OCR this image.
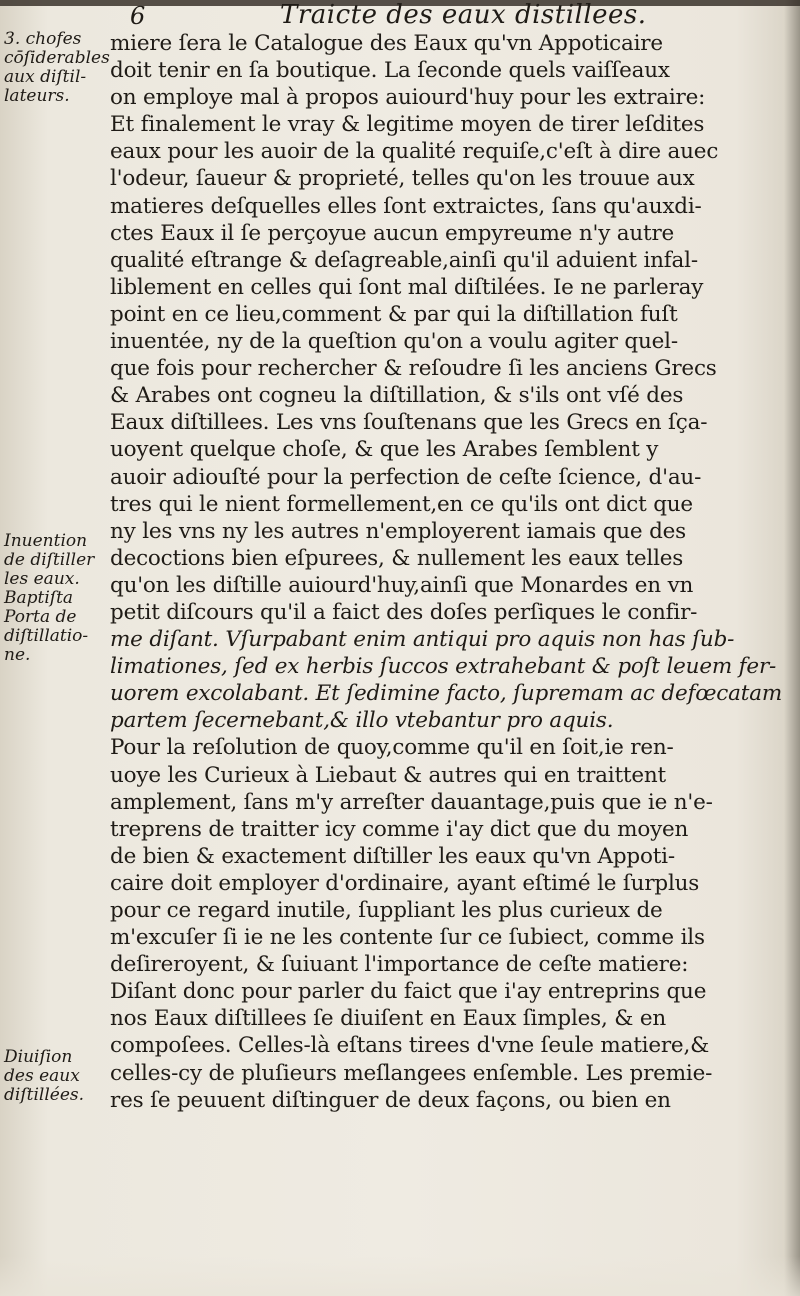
6	Traicte des eaux distillees.
3. chofes
cōſiderables
aux diſtil-
lateurs.
Inuention
de diſtiller
les eaux.
Baptiſta
Porta de
diſtillatio-
ne.
Diuiſion
des eaux
diſtillées.
miere ſera le Catalogue des Eaux qu'vn Appoticaire
doit tenir en ſa boutique. La ſeconde quels vaiſſeaux
on employe mal à propos auiourd'huy pour les extraire:
Et finalement le vray & legitime moyen de tirer leſdites
eaux pour les auoir de la qualité requiſe,c'eſt à dire auec
l'odeur, ſaueur & proprieté, telles qu'on les trouue aux
matieres deſquelles elles ſont extraictes, ſans qu'auxdi-
ctes Eaux il ſe perçoyue aucun empyreume n'y autre
qualité eſtrange & deſagreable,ainſi qu'il aduient infal-
liblement en celles qui ſont mal diſtilées. Ie ne parleray
point en ce lieu,comment & par qui la diſtillation fuſt
inuentée, ny de la queſtion qu'on a voulu agiter quel-
que fois pour rechercher & reſoudre ſi les anciens Grecs
& Arabes ont cogneu la diſtillation, & s'ils ont vſé des
Eaux diſtillees. Les vns ſouſtenans que les Grecs en ſça-
uoyent quelque choſe, & que les Arabes ſemblent y
auoir adiouſté pour la perfection de ceſte ſcience, d'au-
tres qui le nient formellement,en ce qu'ils ont dict que
ny les vns ny les autres n'employerent iamais que des
decoctions bien eſpurees, & nullement les eaux telles
qu'on les diſtille auiourd'huy,ainſi que Monardes en vn
petit diſcours qu'il a faict des doſes perſiques le confir-
me diſant. Vſurpabant enim antiqui pro aquis non has ſub-
limationes, ſed ex herbis ſuccos extrahebant & poſt leuem fer-
uorem excolabant. Et ſedimine facto, ſupremam ac defœcatam
partem ſecernebant,& illo vtebantur pro aquis.
Pour la reſolution de quoy,comme qu'il en ſoit,ie ren-
uoye les Curieux à Liebaut & autres qui en traittent
amplement, ſans m'y arreſter dauantage,puis que ie n'e-
treprens de traitter icy comme i'ay dict que du moyen
de bien & exactement diſtiller les eaux qu'vn Appoti-
caire doit employer d'ordinaire, ayant eſtimé le ſurplus
pour ce regard inutile, ſuppliant les plus curieux de
m'excuſer ſi ie ne les contente ſur ce ſubiect, comme ils
deſireroyent, & ſuiuant l'importance de ceſte matiere:
Diſant donc pour parler du faict que i'ay entreprins que
nos Eaux diſtillees ſe diuiſent en Eaux ſimples, & en
compoſees. Celles-là eſtans tirees d'vne ſeule matiere,&
celles-cy de pluſieurs meſlangees enſemble. Les premie-
res ſe peuuent diſtinguer de deux façons, ou bien en
